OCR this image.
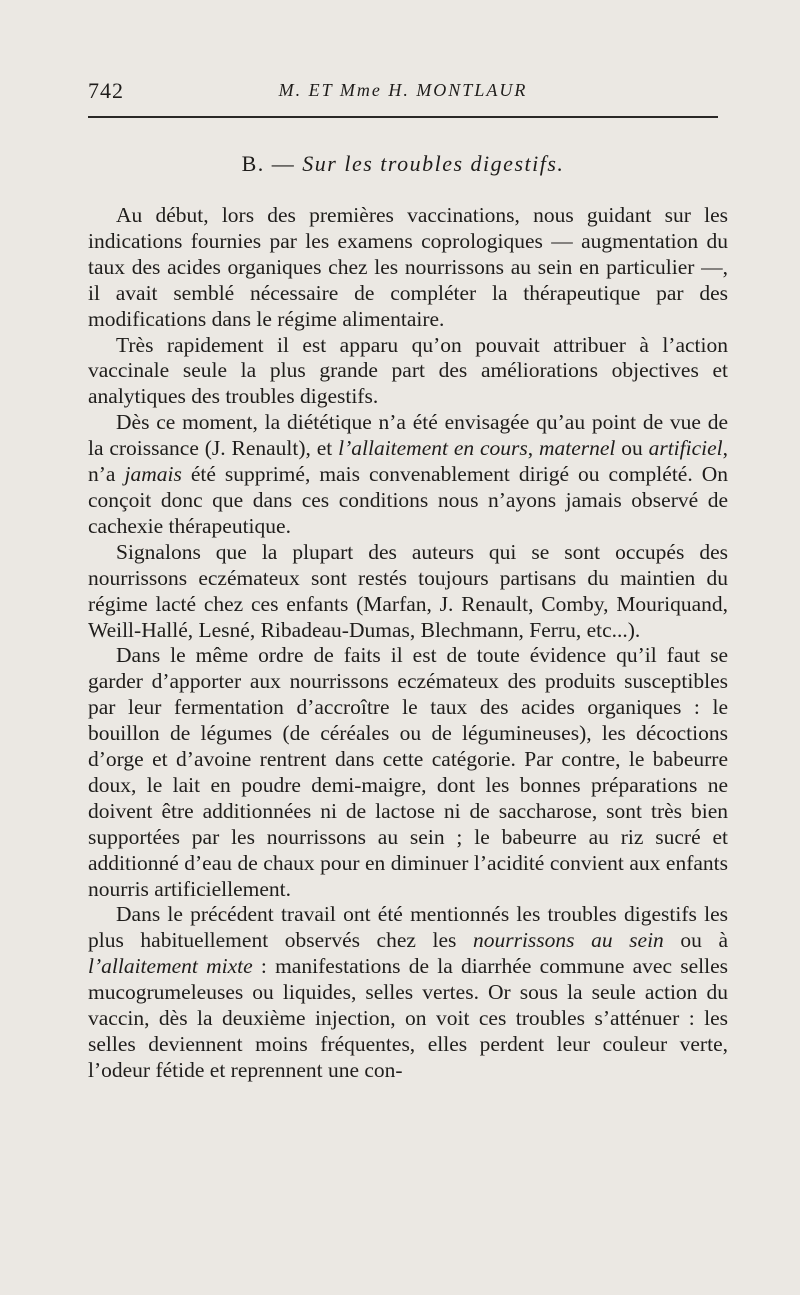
742	M. ET Mme H. MONTLAUR
B. — Sur les troubles digestifs.

Au début, lors des premières vaccinations, nous guidant sur les indications fournies par les examens coprologiques — augmentation du taux des acides organiques chez les nourrissons au sein en particulier —, il avait semblé nécessaire de compléter la thérapeutique par des modifications dans le régime alimentaire.

Très rapidement il est apparu qu’on pouvait attribuer à l’action vaccinale seule la plus grande part des améliorations objectives et analytiques des troubles digestifs.

Dès ce moment, la diététique n’a été envisagée qu’au point de vue de la croissance (J. Renault), et l’allaitement en cours, maternel ou artificiel, n’a jamais été supprimé, mais convenablement dirigé ou complété. On conçoit donc que dans ces conditions nous n’ayons jamais observé de cachexie thérapeutique.

Signalons que la plupart des auteurs qui se sont occupés des nourrissons eczémateux sont restés toujours partisans du maintien du régime lacté chez ces enfants (Marfan, J. Renault, Comby, Mouriquand, Weill-Hallé, Lesné, Ribadeau-Dumas, Blechmann, Ferru, etc...).

Dans le même ordre de faits il est de toute évidence qu’il faut se garder d’apporter aux nourrissons eczémateux des produits susceptibles par leur fermentation d’accroître le taux des acides organiques : le bouillon de légumes (de céréales ou de légumineuses), les décoctions d’orge et d’avoine rentrent dans cette catégorie. Par contre, le babeurre doux, le lait en poudre demi-maigre, dont les bonnes préparations ne doivent être additionnées ni de lactose ni de saccharose, sont très bien supportées par les nourrissons au sein ; le babeurre au riz sucré et additionné d’eau de chaux pour en diminuer l’acidité convient aux enfants nourris artificiellement.

Dans le précédent travail ont été mentionnés les troubles digestifs les plus habituellement observés chez les nourrissons au sein ou à l’allaitement mixte : manifestations de la diarrhée commune avec selles mucogrumeleuses ou liquides, selles vertes. Or sous la seule action du vaccin, dès la deuxième injection, on voit ces troubles s’atténuer : les selles deviennent moins fréquentes, elles perdent leur couleur verte, l’odeur fétide et reprennent une con-
